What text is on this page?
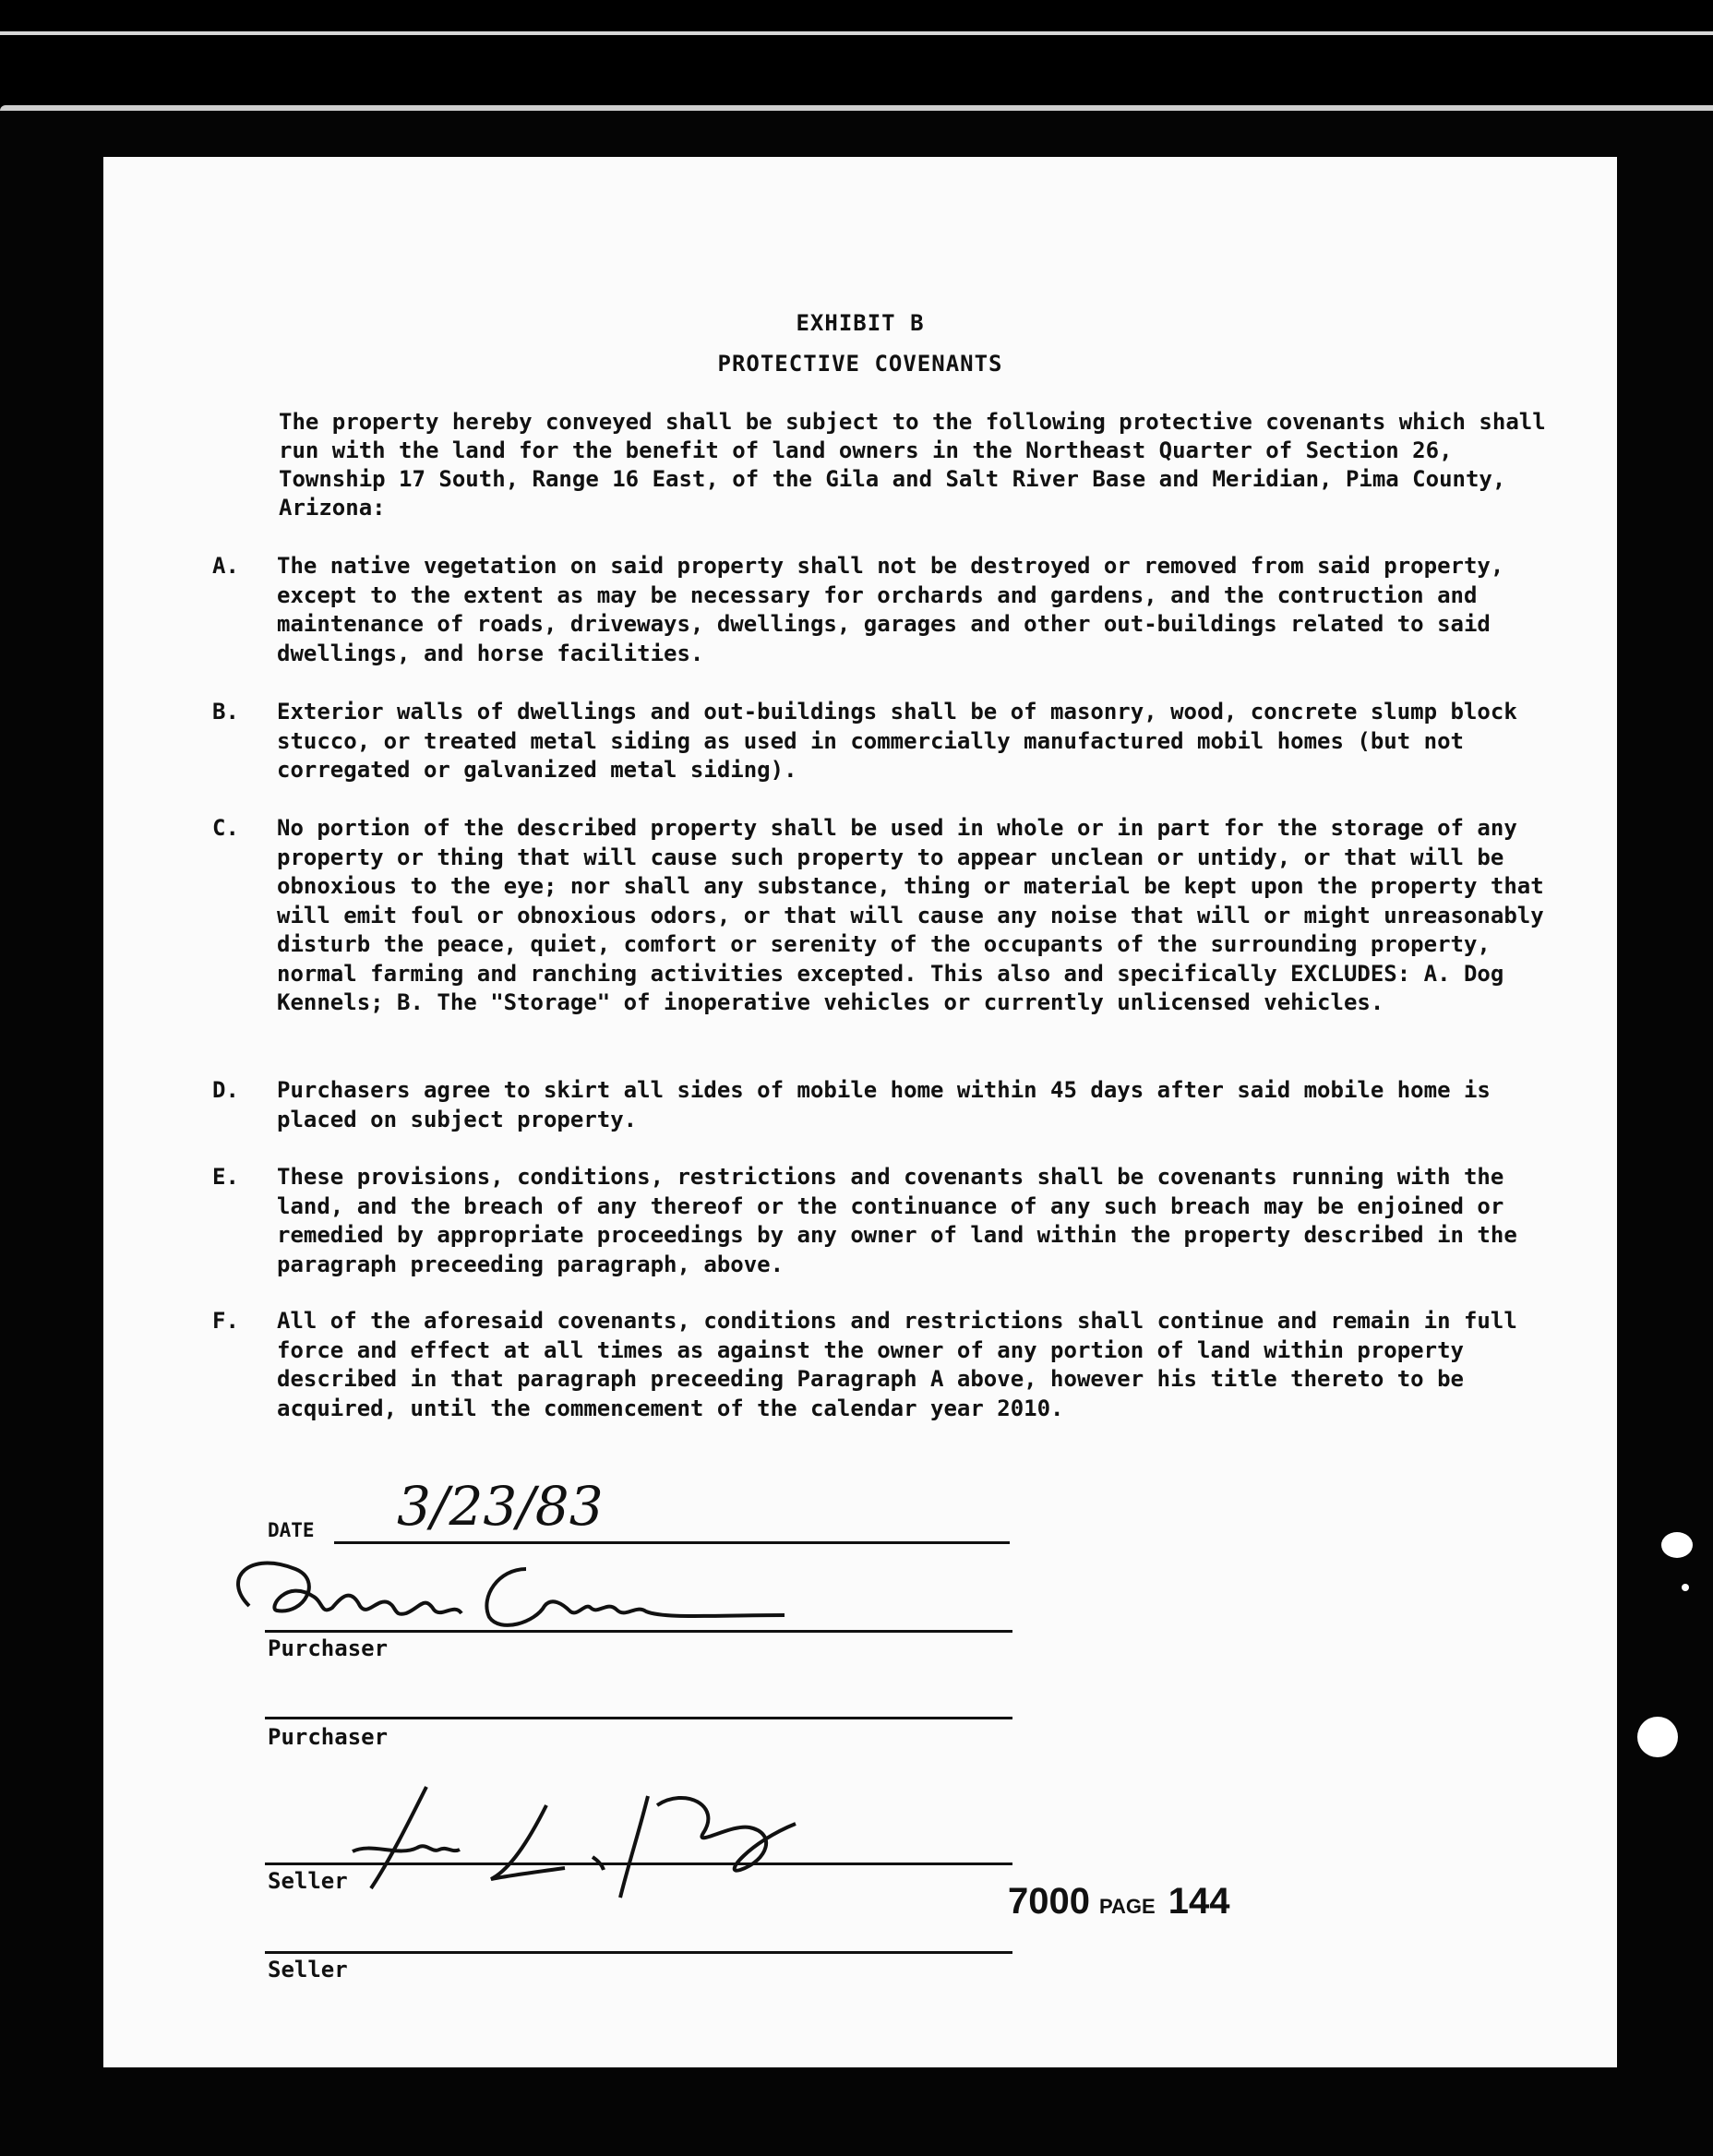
EXHIBIT B
PROTECTIVE COVENANTS

The property hereby conveyed shall be subject to the following protective covenants which shall run with the land for the benefit of land owners in the Northeast Quarter of Section 26, Township 17 South, Range 16 East, of the Gila and Salt River Base and Meridian, Pima County, Arizona:

A.	The native vegetation on said property shall not be destroyed or removed from said property, except to the extent as may be necessary for orchards and gardens, and the contruction and maintenance of roads, driveways, dwellings, garages and other out-buildings related to said dwellings, and horse facilities.

B.	Exterior walls of dwellings and out-buildings shall be of masonry, wood, concrete slump block stucco, or treated metal siding as used in commercially manufactured mobil homes (but not corregated or galvanized metal siding).

C.	No portion of the described property shall be used in whole or in part for the storage of any property or thing that will cause such property to appear unclean or untidy, or that will be obnoxious to the eye; nor shall any substance, thing or material be kept upon the property that will emit foul or obnoxious odors, or that will cause any noise that will or might unreasonably disturb the peace, quiet, comfort or serenity of the occupants of the surrounding property, normal farming and ranching activities excepted. This also and specifically EXCLUDES: A. Dog Kennels; B. The "Storage" of inoperative vehicles or currently unlicensed vehicles.

D.	Purchasers agree to skirt all sides of mobile home within 45 days after said mobile home is placed on subject property.

E.	These provisions, conditions, restrictions and covenants shall be covenants running with the land, and the breach of any thereof or the continuance of any such breach may be enjoined or remedied by appropriate proceedings by any owner of land within the property described in the paragraph preceeding paragraph, above.

F.	All of the aforesaid covenants, conditions and restrictions shall continue and remain in full force and effect at all times as against the owner of any portion of land within property described in that paragraph preceeding Paragraph A above, however his title thereto to be acquired, until the commencement of the calendar year 2010.

DATE 3/23/83
Purchaser
Purchaser
Seller
Seller
7000 PAGE 144
